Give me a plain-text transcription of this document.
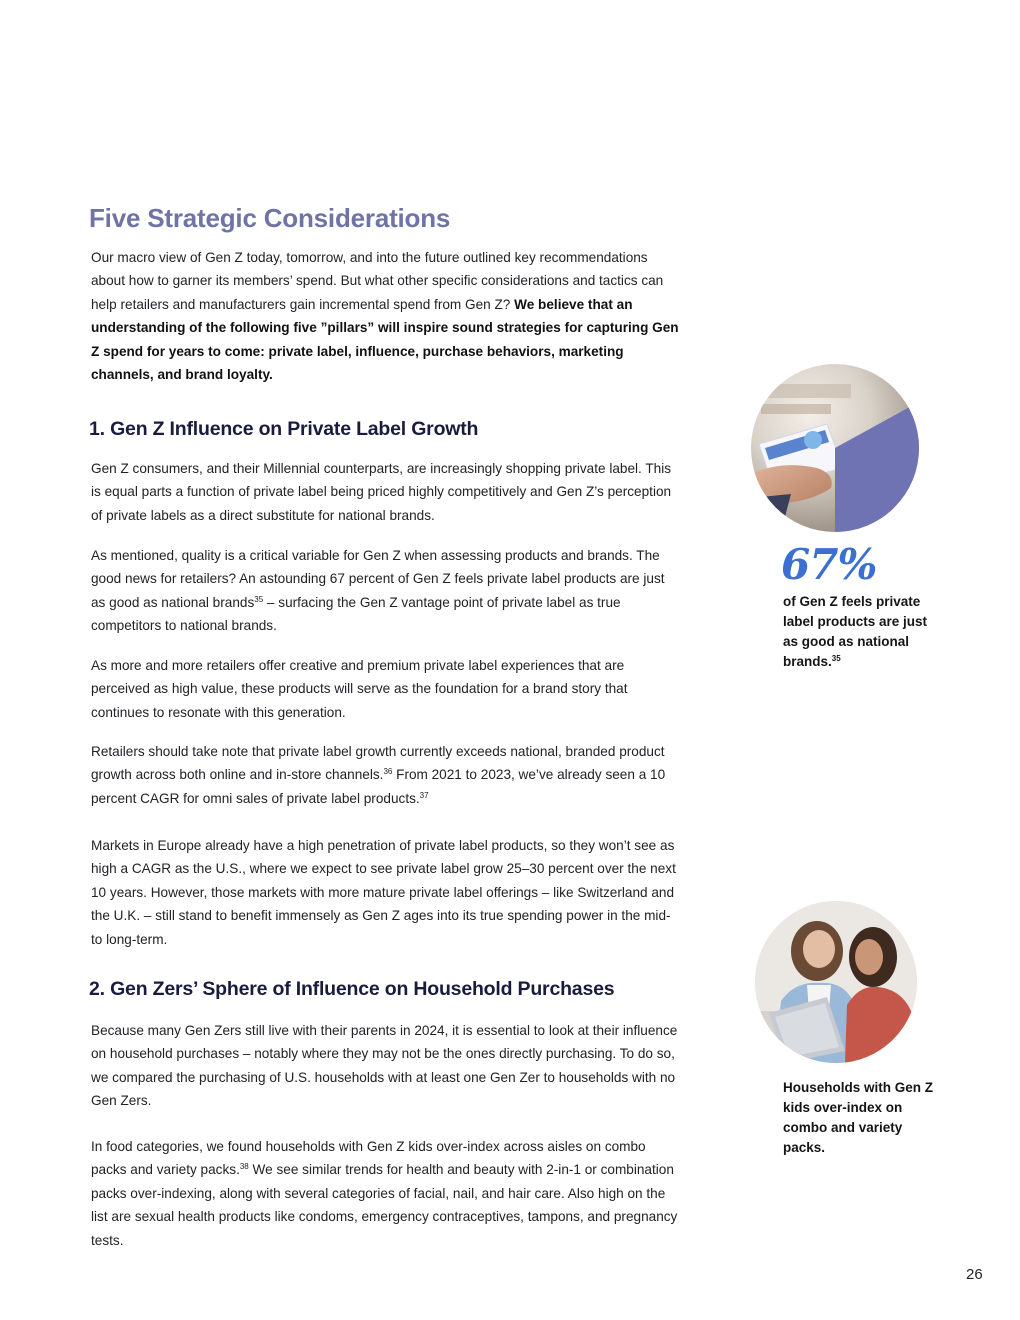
Five Strategic Considerations

Our macro view of Gen Z today, tomorrow, and into the future outlined key recommendations about how to garner its members’ spend. But what other specific considerations and tactics can help retailers and manufacturers gain incremental spend from Gen Z? We believe that an understanding of the following five ”pillars” will inspire sound strategies for capturing Gen Z spend for years to come: private label, influence, purchase behaviors, marketing channels, and brand loyalty.

1. Gen Z Influence on Private Label Growth

Gen Z consumers, and their Millennial counterparts, are increasingly shopping private label. This is equal parts a function of private label being priced highly competitively and Gen Z’s perception of private labels as a direct substitute for national brands.

As mentioned, quality is a critical variable for Gen Z when assessing products and brands. The good news for retailers? An astounding 67 percent of Gen Z feels private label products are just as good as national brands$^{35}$ – surfacing the Gen Z vantage point of private label as true competitors to national brands.

As more and more retailers offer creative and premium private label experiences that are perceived as high value, these products will serve as the foundation for a brand story that continues to resonate with this generation.

Retailers should take note that private label growth currently exceeds national, branded product growth across both online and in-store channels.$^{36}$ From 2021 to 2023, we’ve already seen a 10 percent CAGR for omni sales of private label products.$^{37}$

Markets in Europe already have a high penetration of private label products, so they won’t see as high a CAGR as the U.S., where we expect to see private label grow 25–30 percent over the next 10 years. However, those markets with more mature private label offerings – like Switzerland and the U.K. – still stand to benefit immensely as Gen Z ages into its true spending power in the mid- to long-term.

2. Gen Zers’ Sphere of Influence on Household Purchases

Because many Gen Zers still live with their parents in 2024, it is essential to look at their influence on household purchases – notably where they may not be the ones directly purchasing. To do so, we compared the purchasing of U.S. households with at least one Gen Zer to households with no Gen Zers.

In food categories, we found households with Gen Z kids over-index across aisles on combo packs and variety packs.$^{38}$ We see similar trends for health and beauty with 2-in-1 or combination packs over-indexing, along with several categories of facial, nail, and hair care. Also high on the list are sexual health products like condoms, emergency contraceptives, tampons, and pregnancy tests.

67%

of Gen Z feels private label products are just as good as national brands.$^{35}$

Households with Gen Z kids over-index on combo and variety packs.

26
